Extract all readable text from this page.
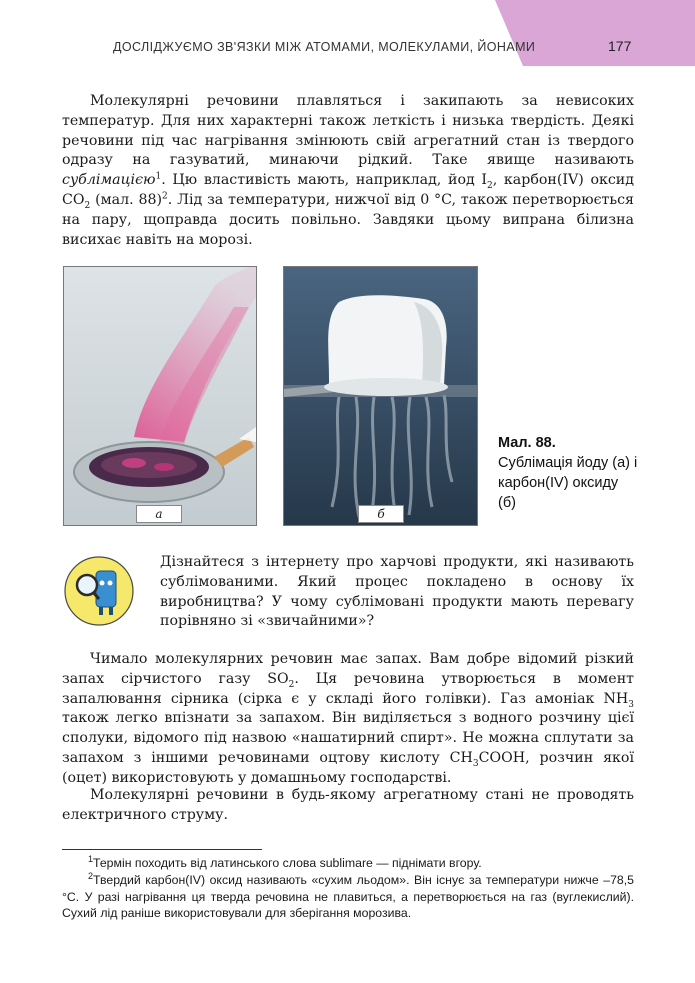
ДОСЛІДЖУЄМО ЗВ'ЯЗКИ МІЖ АТОМАМИ, МОЛЕКУЛАМИ, ЙОНАМИ	177

Молекулярні речовини плавляться і закипають за невисоких температур. Для них характерні також леткість і низька твердість. Деякі речовини під час нагрівання змінюють свій агрегатний стан із твердого одразу на газуватий, минаючи рідкий. Таке явище називають сублімацією$^1$. Цю властивість мають, наприклад, йод $I_2$, карбон(IV) оксид $CO_2$ (мал. 88)$^2$. Лід за температури, нижчої від 0 °C, також перетворюється на пару, щоправда досить повільно. Завдяки цьому випрана білизна висихає навіть на морозі.

а	б
Мал. 88.
Сублімація йоду (а) і карбон(IV) оксиду (б)

Дізнайтеся з інтернету про харчові продукти, які називають сублімованими. Який процес покладено в основу їх виробництва? У чому сублімовані продукти мають перевагу порівняно зі «звичайними»?

Чимало молекулярних речовин має запах. Вам добре відомий різкий запах сірчистого газу $SO_2$. Ця речовина утворюється в момент запалювання сірника (сірка є у складі його голівки). Газ амоніак $NH_3$ також легко впізнати за запахом. Він виділяється з водного розчину цієї сполуки, відомого під назвою «нашатирний спирт». Не можна сплутати за запахом з іншими речовинами оцтову кислоту $CH_3COOH$, розчин якої (оцет) використовують у домашньому господарстві.

Молекулярні речовини в будь-якому агрегатному стані не проводять електричного струму.

$^1$Термін походить від латинського слова sublimare — піднімати вгору.

$^2$Твердий карбон(IV) оксид називають «сухим льодом». Він існує за температури нижче –78,5 °C. У разі нагрівання ця тверда речовина не плавиться, а перетворюється на газ (вуглекислий). Сухий лід раніше використовували для зберігання морозива.
